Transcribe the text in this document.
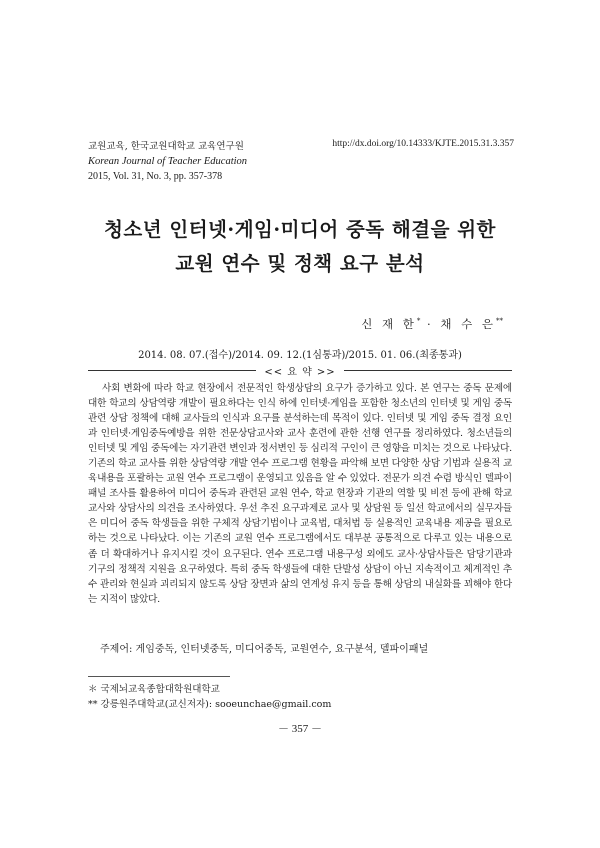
교원교육, 한국교원대학교 교육연구원
Korean Journal of Teacher Education
2015, Vol. 31, No. 3, pp. 357-378
http://dx.doi.org/10.14333/KJTE.2015.31.3.357
청소년 인터넷·게임·미디어 중독 해결을 위한
교원 연수 및 정책 요구 분석
신 재 한* · 채 수 은**
2014. 08. 07.(접수)/2014. 09. 12.(1심통과)/2015. 01. 06.(최종통과)
<< 요 약 >>
사회 변화에 따라 학교 현장에서 전문적인 학생상담의 요구가 증가하고 있다. 본 연구는 중독 문제에 대한 학교의 상담역량 개발이 필요하다는 인식 하에 인터넷·게임을 포함한 청소년의 인터넷 및 게임 중독관련 상담 정책에 대해 교사들의 인식과 요구를 분석하는데 목적이 있다. 인터넷 및 게임 중독 결정 요인과 인터넷·게임중독예방을 위한 전문상담교사와 교사 훈련에 관한 선행 연구를 정리하였다. 청소년들의 인터넷 및 게임 중독에는 자기관련 변인과 정서변인 등 심리적 구인이 큰 영향을 미치는 것으로 나타났다. 기존의 학교 교사를 위한 상담역량 개발 연수 프로그램 현황을 파악해 보면 다양한 상담 기법과 실용적 교육내용을 포괄하는 교원 연수 프로그램이 운영되고 있음을 알 수 있었다. 전문가 의견 수렴 방식인 델파이 패널 조사를 활용하여 미디어 중독과 관련된 교원 연수, 학교 현장과 기관의 역할 및 비전 등에 관해 학교 교사와 상담사의 의견을 조사하였다. 우선 추진 요구과제로 교사 및 상담원 등 일선 학교에서의 실무자들은 미디어 중독 학생들을 위한 구체적 상담기법이나 교육법, 대처법 등 실용적인 교육내용 제공을 필요로 하는 것으로 나타났다. 이는 기존의 교원 연수 프로그램에서도 대부분 공통적으로 다루고 있는 내용으로 좀 더 확대하거나 유지시킬 것이 요구된다. 연수 프로그램 내용구성 외에도 교사·상담사들은 담당기관과 기구의 정책적 지원을 요구하였다. 특히 중독 학생들에 대한 단발성 상담이 아닌 지속적이고 체계적인 추수 관리와 현실과 괴리되지 않도록 상담 장면과 삶의 연계성 유지 등을 통해 상담의 내실화를 꾀해야 한다는 지적이 많았다.
주제어: 게임중독, 인터넷중독, 미디어중독, 교원연수, 요구분석, 델파이패널
＊ 국제뇌교육종합대학원대학교
** 강릉원주대학교(교신저자): sooeunchae@gmail.com
－ 357 －
